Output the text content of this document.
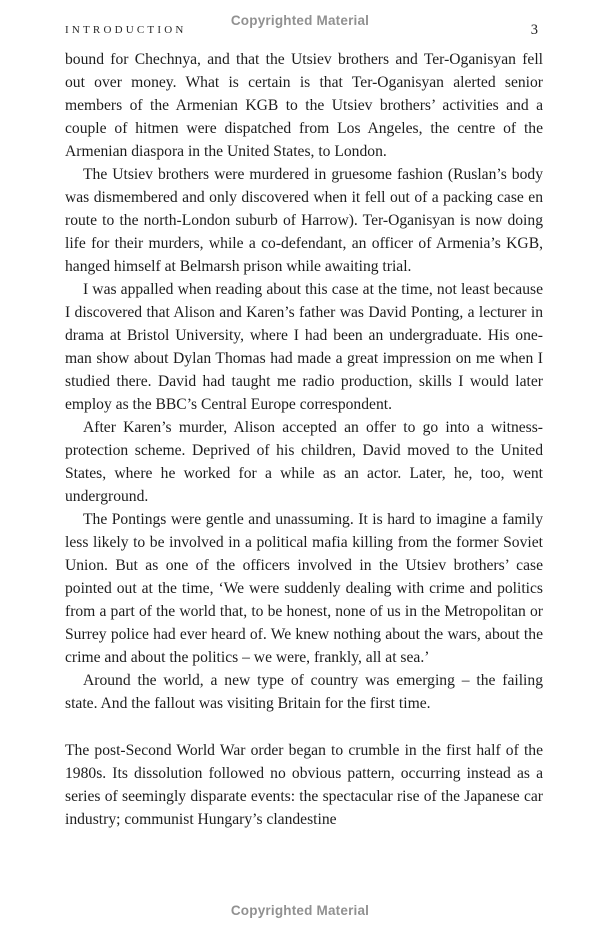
Copyrighted Material
INTRODUCTION	3

bound for Chechnya, and that the Utsiev brothers and Ter-Oganisyan fell out over money. What is certain is that Ter-Oganisyan alerted senior members of the Armenian KGB to the Utsiev brothers’ activities and a couple of hitmen were dispatched from Los Angeles, the centre of the Armenian diaspora in the United States, to London.

The Utsiev brothers were murdered in gruesome fashion (Ruslan’s body was dismembered and only discovered when it fell out of a packing case en route to the north-London suburb of Harrow). Ter-Oganisyan is now doing life for their murders, while a co-defendant, an officer of Armenia’s KGB, hanged himself at Belmarsh prison while awaiting trial.

I was appalled when reading about this case at the time, not least because I discovered that Alison and Karen’s father was David Ponting, a lecturer in drama at Bristol University, where I had been an undergraduate. His one-man show about Dylan Thomas had made a great impression on me when I studied there. David had taught me radio production, skills I would later employ as the BBC’s Central Europe correspondent.

After Karen’s murder, Alison accepted an offer to go into a witness-protection scheme. Deprived of his children, David moved to the United States, where he worked for a while as an actor. Later, he, too, went underground.

The Pontings were gentle and unassuming. It is hard to imagine a family less likely to be involved in a political mafia killing from the former Soviet Union. But as one of the officers involved in the Utsiev brothers’ case pointed out at the time, ‘We were suddenly dealing with crime and politics from a part of the world that, to be honest, none of us in the Metropolitan or Surrey police had ever heard of. We knew nothing about the wars, about the crime and about the politics – we were, frankly, all at sea.’

Around the world, a new type of country was emerging – the failing state. And the fallout was visiting Britain for the first time.

The post-Second World War order began to crumble in the first half of the 1980s. Its dissolution followed no obvious pattern, occurring instead as a series of seemingly disparate events: the spectacular rise of the Japanese car industry; communist Hungary’s clandestine

Copyrighted Material
